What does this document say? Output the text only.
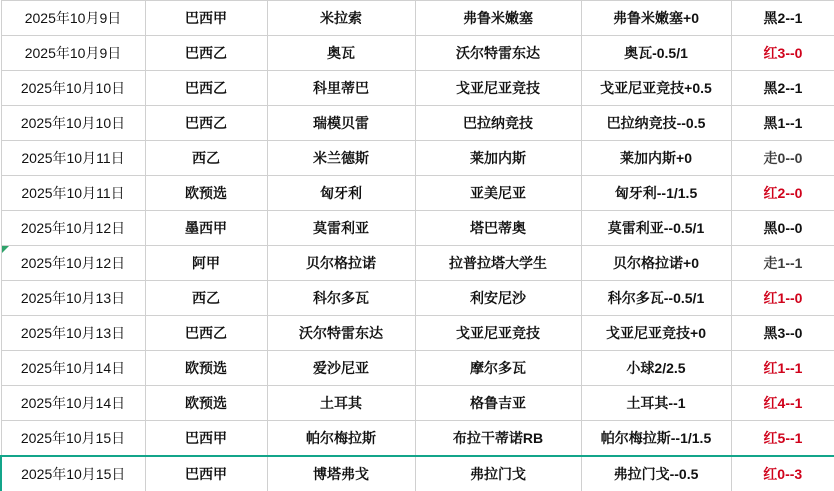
2025年10月9日	巴西甲	米拉索	弗鲁米嫩塞	弗鲁米嫩塞+0	黑2--1
2025年10月9日	巴西乙	奥瓦	沃尔特雷东达	奥瓦-0.5/1	红3--0
2025年10月10日	巴西乙	科里蒂巴	戈亚尼亚竞技	戈亚尼亚竞技+0.5	黑2--1
2025年10月10日	巴西乙	瑞模贝雷	巴拉纳竞技	巴拉纳竞技--0.5	黑1--1
2025年10月11日	西乙	米兰德斯	莱加内斯	莱加内斯+0	走0--0
2025年10月11日	欧预选	匈牙利	亚美尼亚	匈牙利--1/1.5	红2--0
2025年10月12日	墨西甲	莫雷利亚	塔巴蒂奥	莫雷利亚--0.5/1	黑0--0

2025年10月12日	阿甲	贝尔格拉诺	拉普拉塔大学生	贝尔格拉诺+0	走1--1
2025年10月13日	西乙	科尔多瓦	利安尼沙	科尔多瓦--0.5/1	红1--0
2025年10月13日	巴西乙	沃尔特雷东达	戈亚尼亚竞技	戈亚尼亚竞技+0	黑3--0
2025年10月14日	欧预选	爱沙尼亚	摩尔多瓦	小球2/2.5	红1--1
2025年10月14日	欧预选	土耳其	格鲁吉亚	土耳其--1	红4--1
2025年10月15日	巴西甲	帕尔梅拉斯	布拉干蒂诺RB	帕尔梅拉斯--1/1.5	红5--1
2025年10月15日	巴西甲	博塔弗戈	弗拉门戈	弗拉门戈--0.5	红0--3
